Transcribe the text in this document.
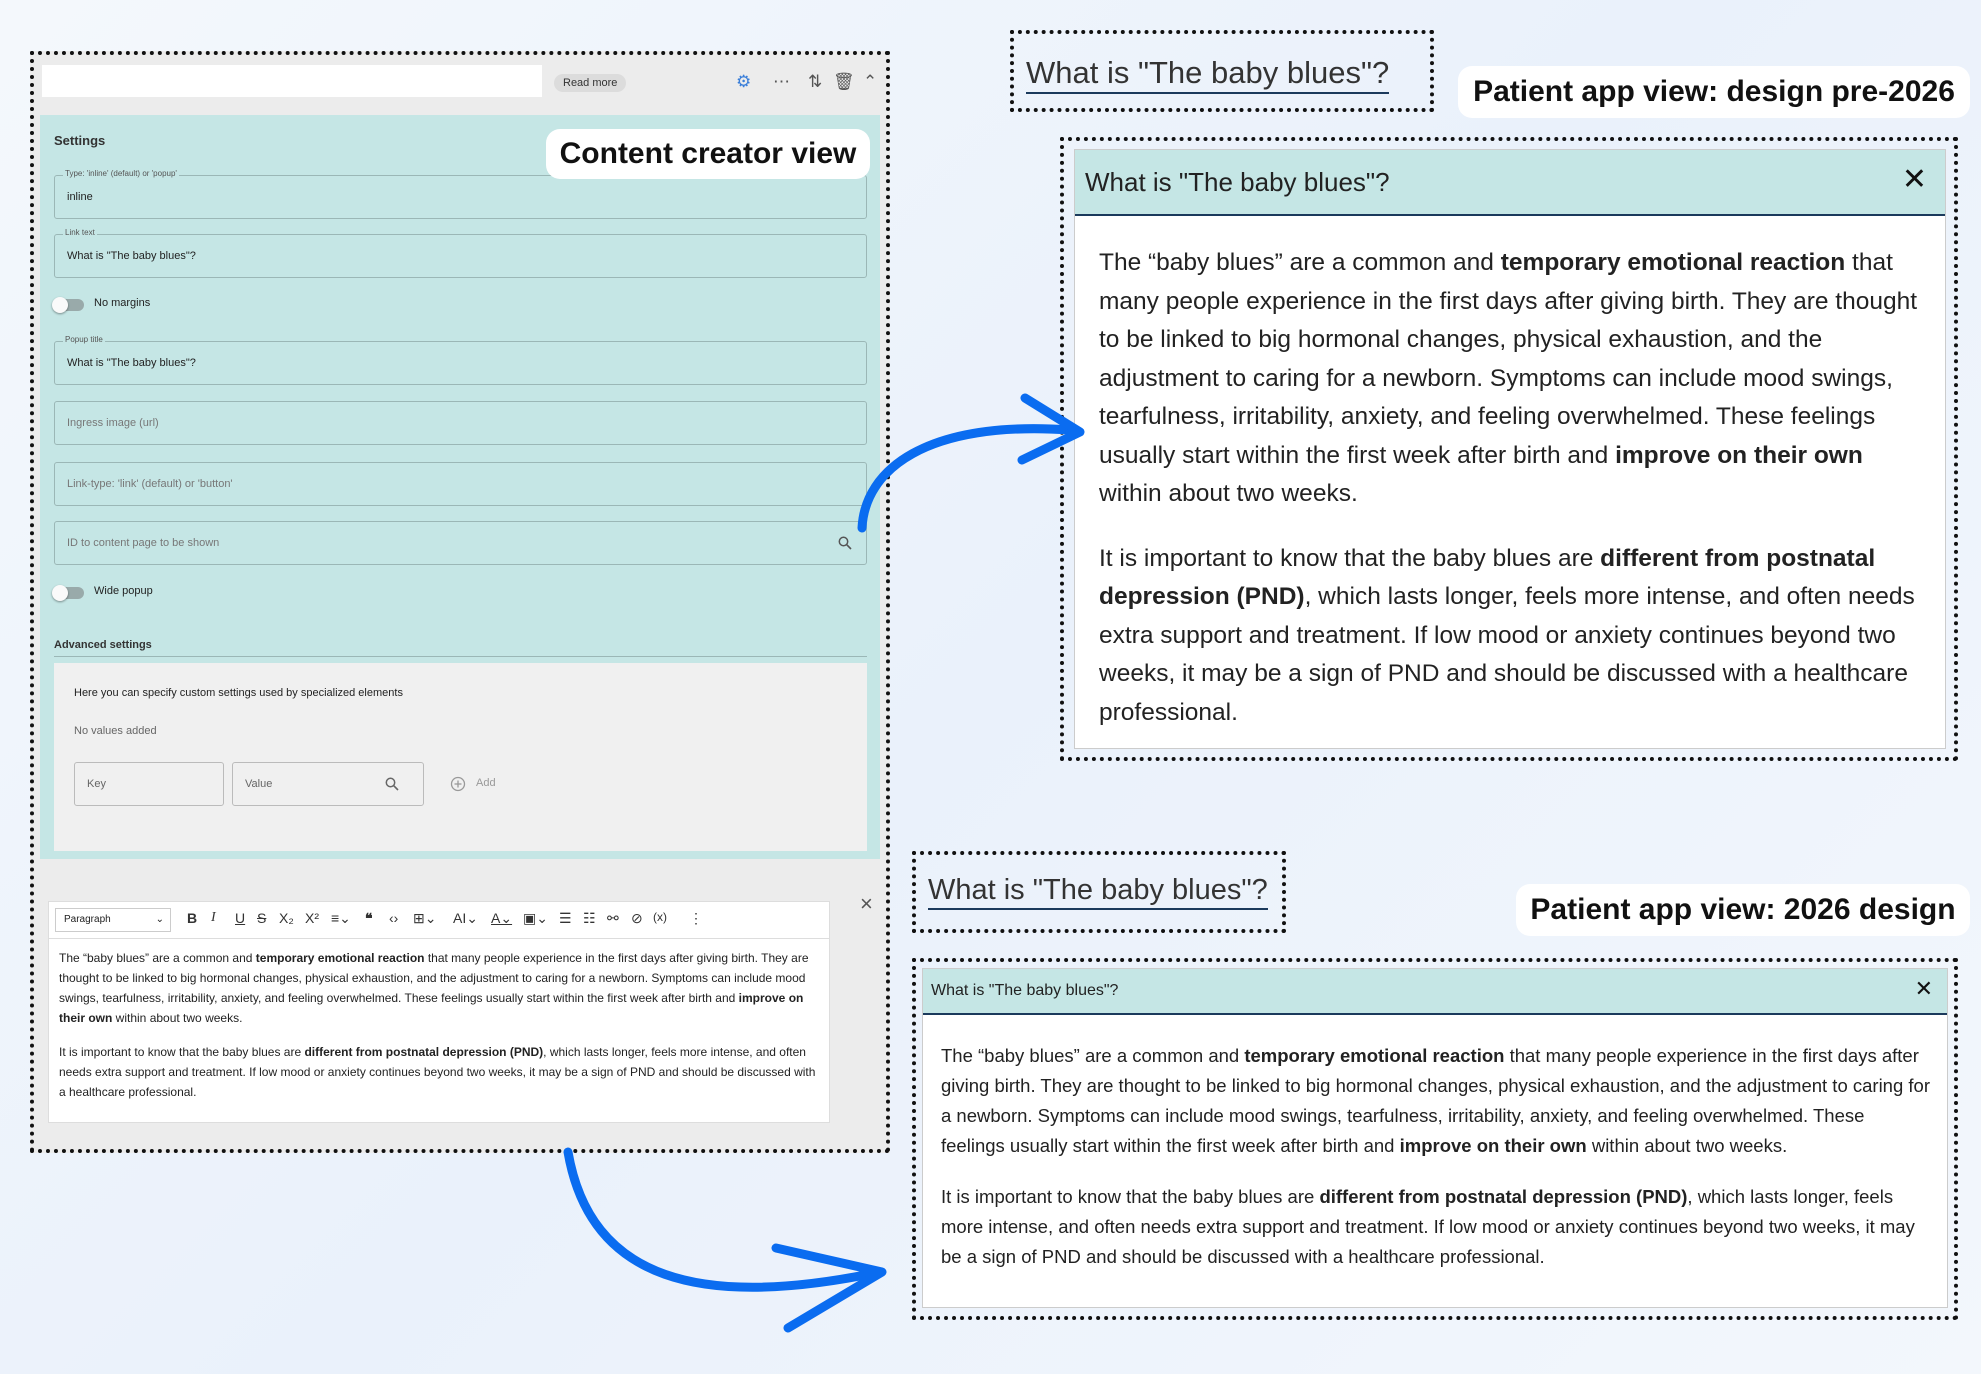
Read more	⚙ ⋯ ⇅ 🗑 ⌃
Settings
Type: 'inline' (default) or 'popup'
inline
Link text
What is "The baby blues"?
No margins
Popup title
What is "The baby blues"?
Ingress image (url)
Link-type: 'link' (default) or 'button'
ID to content page to be shown
Wide popup
Advanced settings
Here you can specify custom settings used by specialized elements
No values added
Key	Value	Add
Paragraph	⌄ B I U S X₂ X² ≡⌄ ❝ ‹› ⊞⌄ AI⌄ A⌄ ▣⌄ ☰ ☷ ⚯ ⊘ (x) ⋮

The “baby blues” are a common and temporary emotional reaction that many people experience in the first days after giving birth. They are thought to be linked to big hormonal changes, physical exhaustion, and the adjustment to caring for a newborn. Symptoms can include mood swings, tearfulness, irritability, anxiety, and feeling overwhelmed. These feelings usually start within the first week after birth and improve on their own within about two weeks.

It is important to know that the baby blues are different from postnatal depression (PND), which lasts longer, feels more intense, and often needs extra support and treatment. If low mood or anxiety continues beyond two weeks, it may be a sign of PND and should be discussed with a healthcare professional.

×
Content creator view
What is "The baby blues"?
Patient app view: design pre-2026
What is "The baby blues"?	✕

The “baby blues” are a common and temporary emotional reaction that many people experience in the first days after giving birth. They are thought to be linked to big hormonal changes, physical exhaustion, and the adjustment to caring for a newborn. Symptoms can include mood swings, tearfulness, irritability, anxiety, and feeling overwhelmed. These feelings usually start within the first week after birth and improve on their own within about two weeks.

It is important to know that the baby blues are different from postnatal depression (PND), which lasts longer, feels more intense, and often needs extra support and treatment. If low mood or anxiety continues beyond two weeks, it may be a sign of PND and should be discussed with a healthcare professional.

What is "The baby blues"?
Patient app view: 2026 design
What is "The baby blues"?	✕

The “baby blues” are a common and temporary emotional reaction that many people experience in the first days after giving birth. They are thought to be linked to big hormonal changes, physical exhaustion, and the adjustment to caring for a newborn. Symptoms can include mood swings, tearfulness, irritability, anxiety, and feeling overwhelmed. These feelings usually start within the first week after birth and improve on their own within about two weeks.

It is important to know that the baby blues are different from postnatal depression (PND), which lasts longer, feels more intense, and often needs extra support and treatment. If low mood or anxiety continues beyond two weeks, it may be a sign of PND and should be discussed with a healthcare professional.
